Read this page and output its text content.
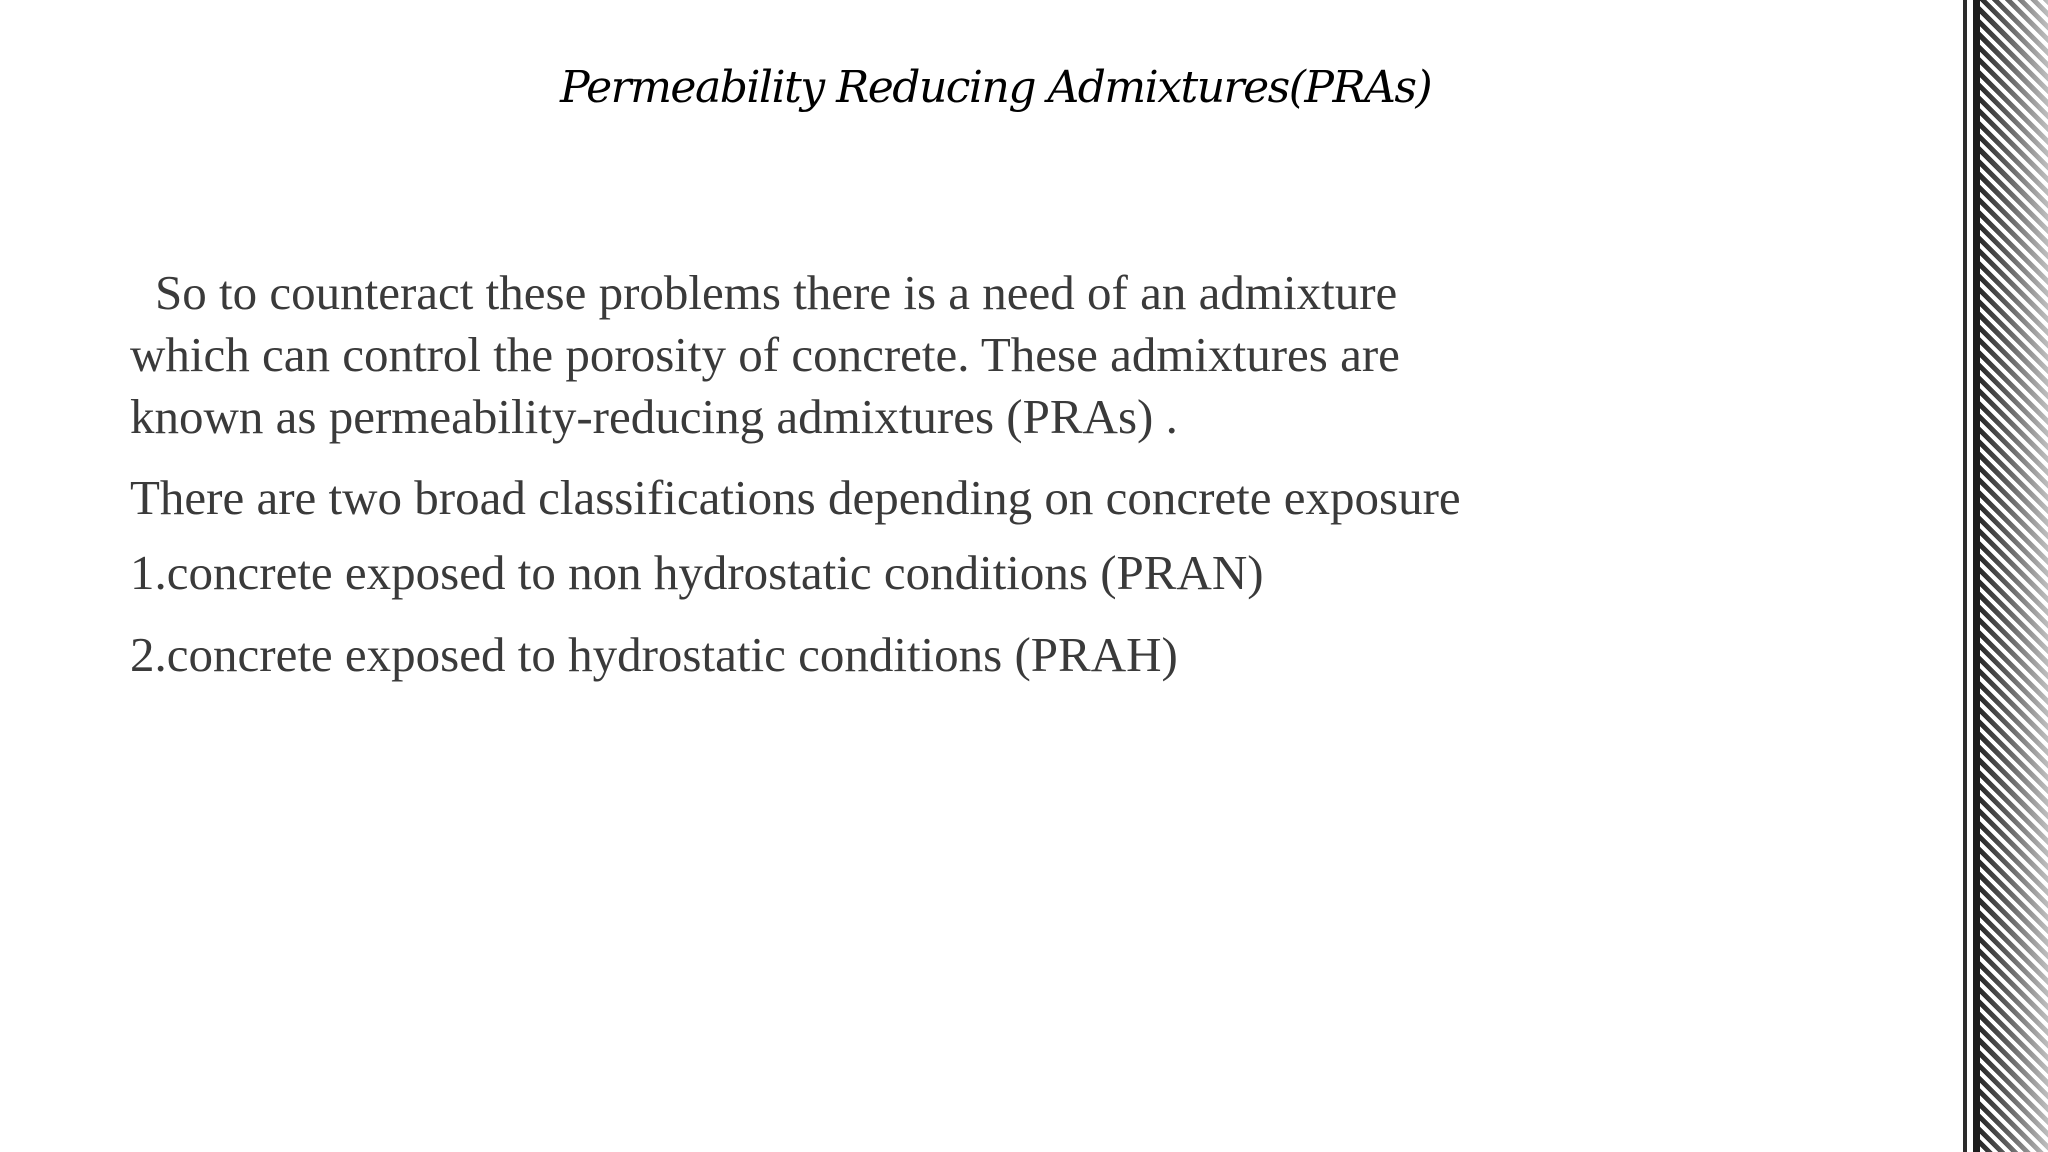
Permeability Reducing Admixtures(PRAs)
So to counteract these problems there is a need of an admixture
which can control the porosity of concrete. These admixtures are
known as permeability-reducing admixtures (PRAs) .
There are two broad classifications depending on concrete exposure
1.concrete exposed to non hydrostatic conditions (PRAN)
2.concrete exposed to hydrostatic conditions (PRAH)
